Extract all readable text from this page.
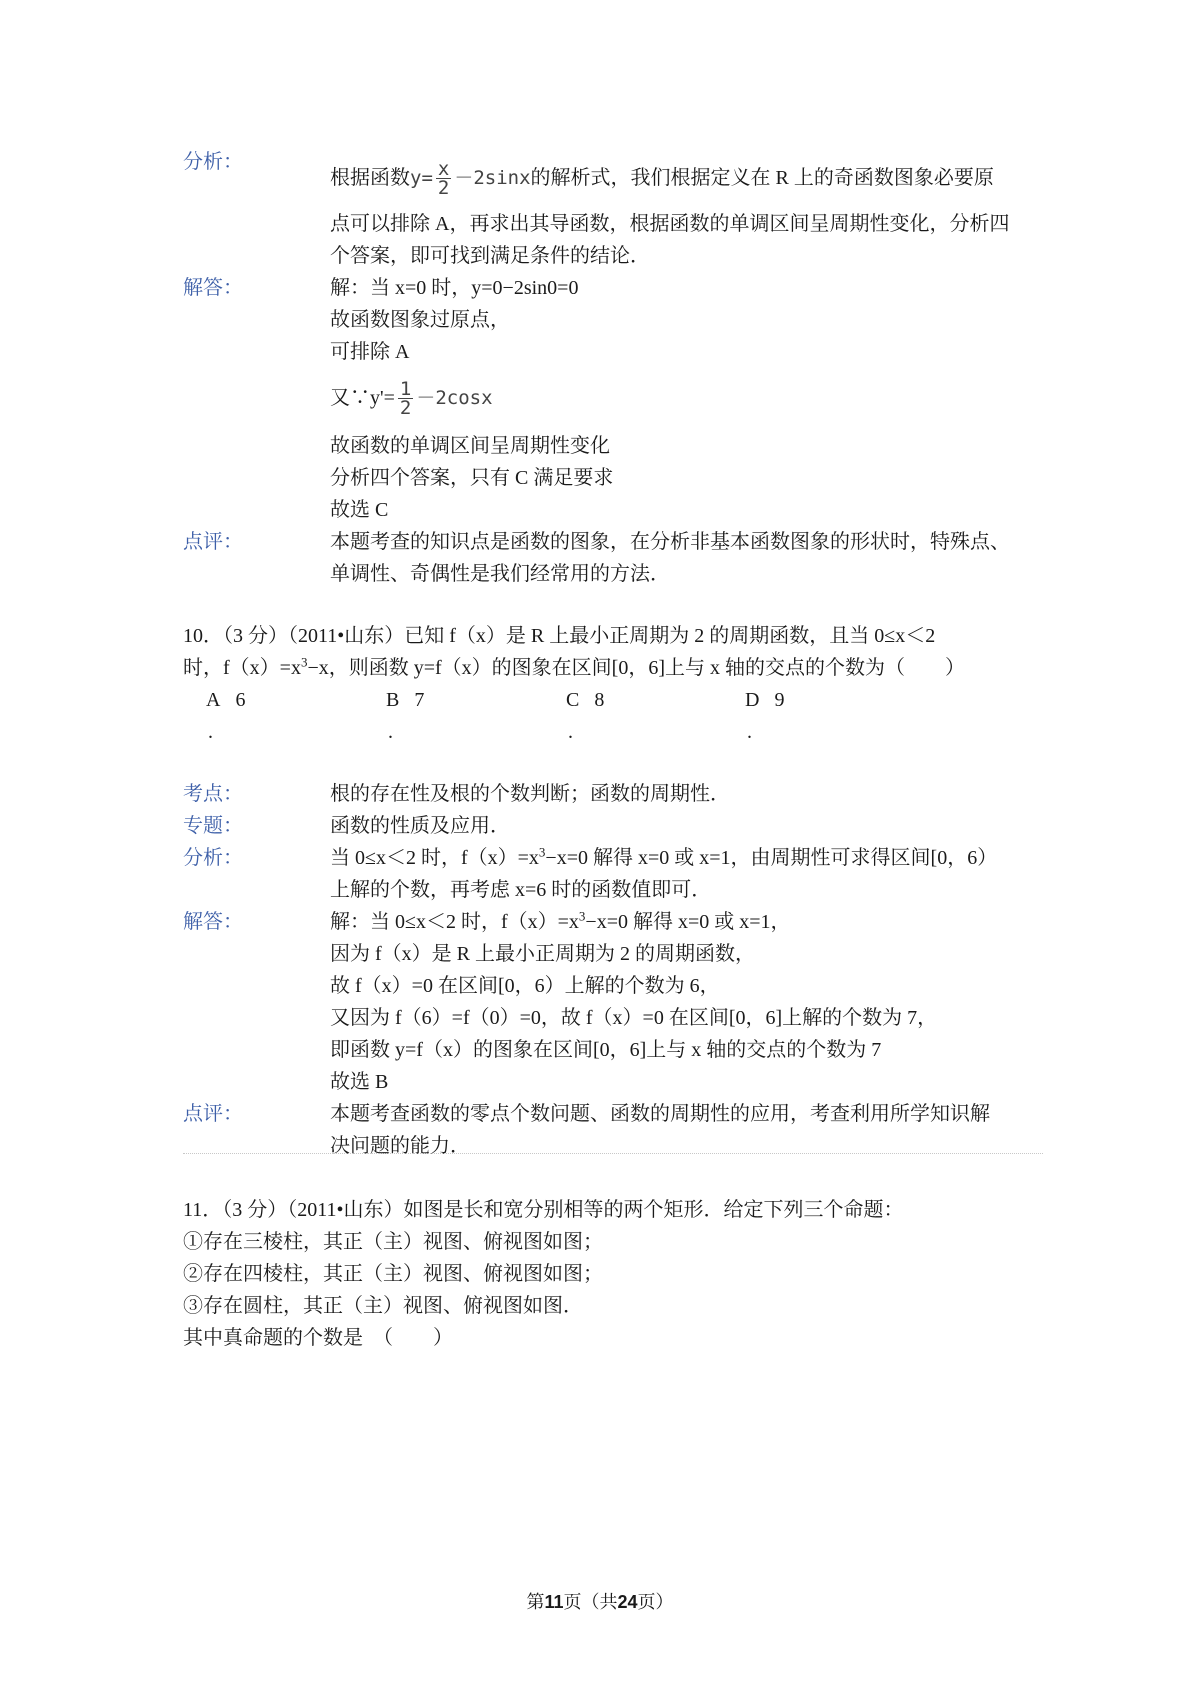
分析：
根据函数$y= \frac{x}{2} -2\sin x$的解析式，我们根据定义在 R 上的奇函数图象必要原
点可以排除 A，再求出其导函数，根据函数的单调区间呈周期性变化，分析四
个答案，即可找到满足条件的结论．
解答：	解：当 x=0 时，y=0−2sin0=0
故函数图象过原点，
可排除 A
又∵y'= $\frac{1}{2} -2\cos x$
故函数的单调区间呈周期性变化
分析四个答案，只有 C 满足要求
故选 C
点评：	本题考查的知识点是函数的图象，在分析非基本函数图象的形状时，特殊点、
单调性、奇偶性是我们经常用的方法．
10．（3 分）（2011•山东）已知 f（x）是 R 上最小正周期为 2 的周期函数，且当 0≤x＜2
时，$f(x)=x^3-x$，则函数 y=f（x）的图象在区间[0，6]上与 x 轴的交点的个数为（　　）
A 6
.
B 7
.
C 8
.
D 9
.
考点：	根的存在性及根的个数判断；函数的周期性．
专题：	函数的性质及应用．
分析：	当 0≤x＜2 时，$f(x)=x^3-x=0$ 解得 x=0 或 x=1，由周期性可求得区间[0，6）
上解的个数，再考虑 x=6 时的函数值即可．
解答：	解：当 0≤x＜2 时，$f(x)=x^3-x=0$ 解得 x=0 或 x=1，
因为 f（x）是 R 上最小正周期为 2 的周期函数，
故 f（x）=0 在区间[0，6）上解的个数为 6，
又因为 f（6）=f（0）=0，故 f（x）=0 在区间[0，6]上解的个数为 7，
即函数 y=f（x）的图象在区间[0，6]上与 x 轴的交点的个数为 7
故选 B
点评：	本题考查函数的零点个数问题、函数的周期性的应用，考查利用所学知识解
决问题的能力．
11．（3 分）（2011•山东）如图是长和宽分别相等的两个矩形．给定下列三个命题：
①存在三棱柱，其正（主）视图、俯视图如图；
②存在四棱柱，其正（主）视图、俯视图如图；
③存在圆柱，其正（主）视图、俯视图如图．
其中真命题的个数是　（　　）
第11页（共24页）
